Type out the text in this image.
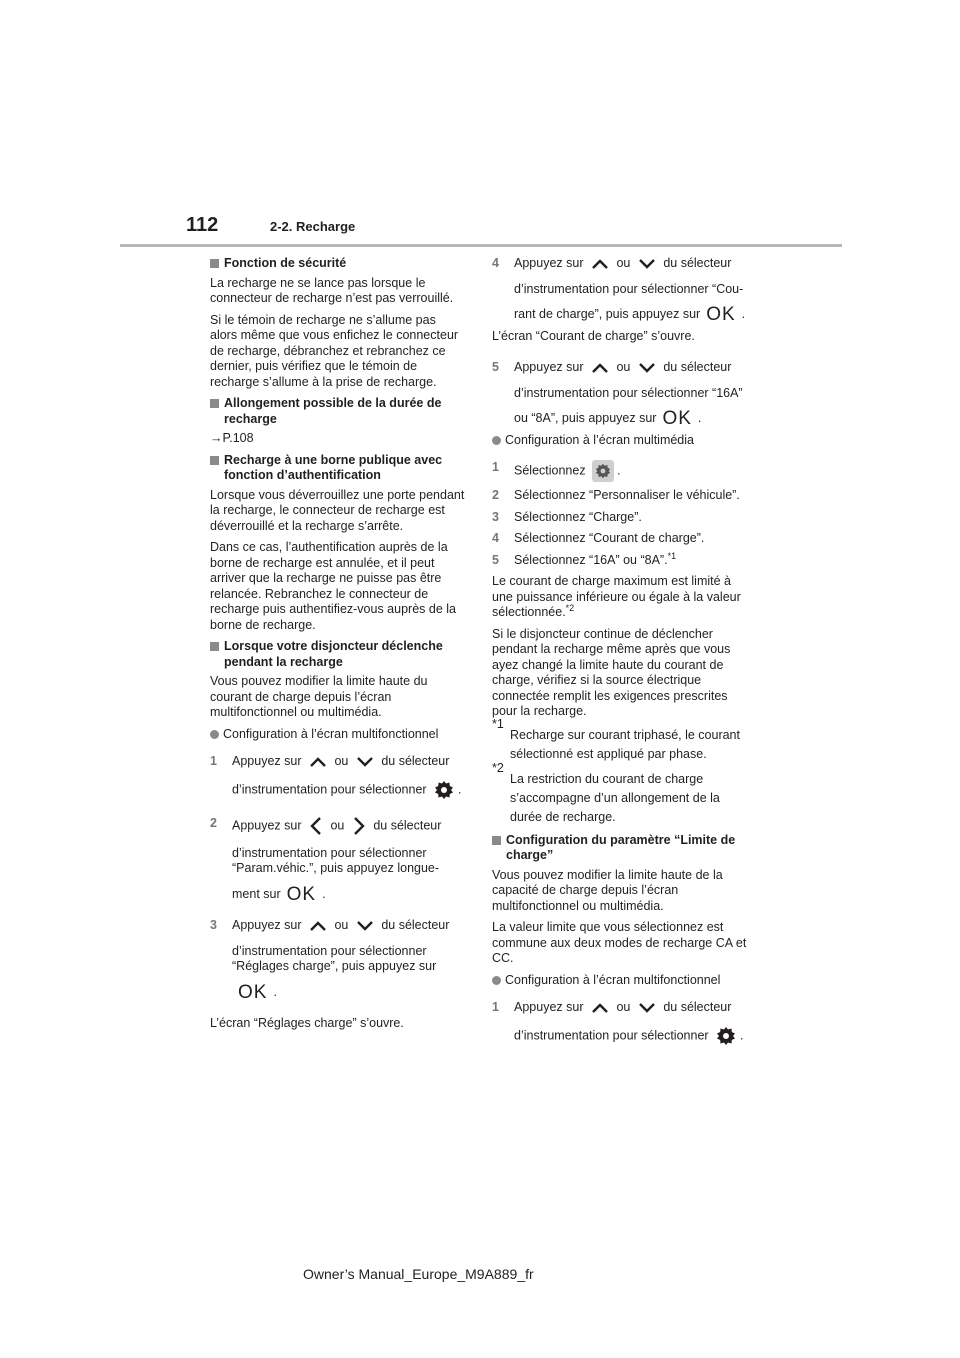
112	2-2. Recharge

Fonction de sécurité

La recharge ne se lance pas lorsque le connecteur de recharge n’est pas verrouillé.

Si le témoin de recharge ne s’allume pas alors même que vous enfichez le connecteur de recharge, débranchez et rebranchez ce dernier, puis vérifiez que le témoin de recharge s’allume à la prise de recharge.

Allongement possible de la durée de recharge

→P.108

Recharge à une borne publique avec fonction d’authentification

Lorsque vous déverrouillez une porte pendant la recharge, le connecteur de recharge est déverrouillé et la recharge s’arrête.

Dans ce cas, l’authentification auprès de la borne de recharge est annulée, et il peut arriver que la recharge ne puisse pas être relancée. Rebranchez le connecteur de recharge puis authentifiez-vous auprès de la borne de recharge.

Lorsque votre disjoncteur déclenche pendant la recharge

Vous pouvez modifier la limite haute du courant de charge depuis l’écran multifonctionnel ou multimédia.

Configuration à l’écran multifonctionnel

1 Appuyez sur	ou	du sélecteur
d’instrumentation pour sélectionner	.
2 Appuyez sur ou du sélecteur
d’instrumentation pour sélectionner
“Param.véhic.”, puis appuyez longue-
ment sur OK .
3 Appuyez sur	ou	du sélecteur
d’instrumentation pour sélectionner
“Réglages charge”, puis appuyez sur
OK .

L’écran “Réglages charge” s’ouvre.

4 Appuyez sur	ou	du sélecteur
d’instrumentation pour sélectionner “Cou-
rant de charge”, puis appuyez sur OK .

L’écran “Courant de charge” s’ouvre.

5 Appuyez sur	ou	du sélecteur
d’instrumentation pour sélectionner “16A”
ou “8A”, puis appuyez sur OK .

Configuration à l’écran multimédia

1 Sélectionnez	.
2 Sélectionnez “Personnaliser le véhicule”.
3 Sélectionnez “Charge”.
4 Sélectionnez “Courant de charge”.
5 Sélectionnez “16A” ou “8A”.$^{*1}$

Le courant de charge maximum est limité à une puissance inférieure ou égale à la valeur sélectionnée.$^{*2}$

Si le disjoncteur continue de déclencher pendant la recharge même après que vous ayez changé la limite haute du courant de charge, vérifiez si la source électrique connectée remplit les exigences prescrites pour la recharge.

*1
Recharge sur courant triphasé, le courant sélectionné est appliqué par phase.
*2
La restriction du courant de charge s’accompagne d’un allongement de la durée de recharge.

Configuration du paramètre “Limite de charge”

Vous pouvez modifier la limite haute de la capacité de charge depuis l’écran multifonctionnel ou multimédia.

La valeur limite que vous sélectionnez est commune aux deux modes de recharge CA et CC.

Configuration à l’écran multifonctionnel

1 Appuyez sur	ou	du sélecteur
d’instrumentation pour sélectionner	.
Owner’s Manual_Europe_M9A889_fr
